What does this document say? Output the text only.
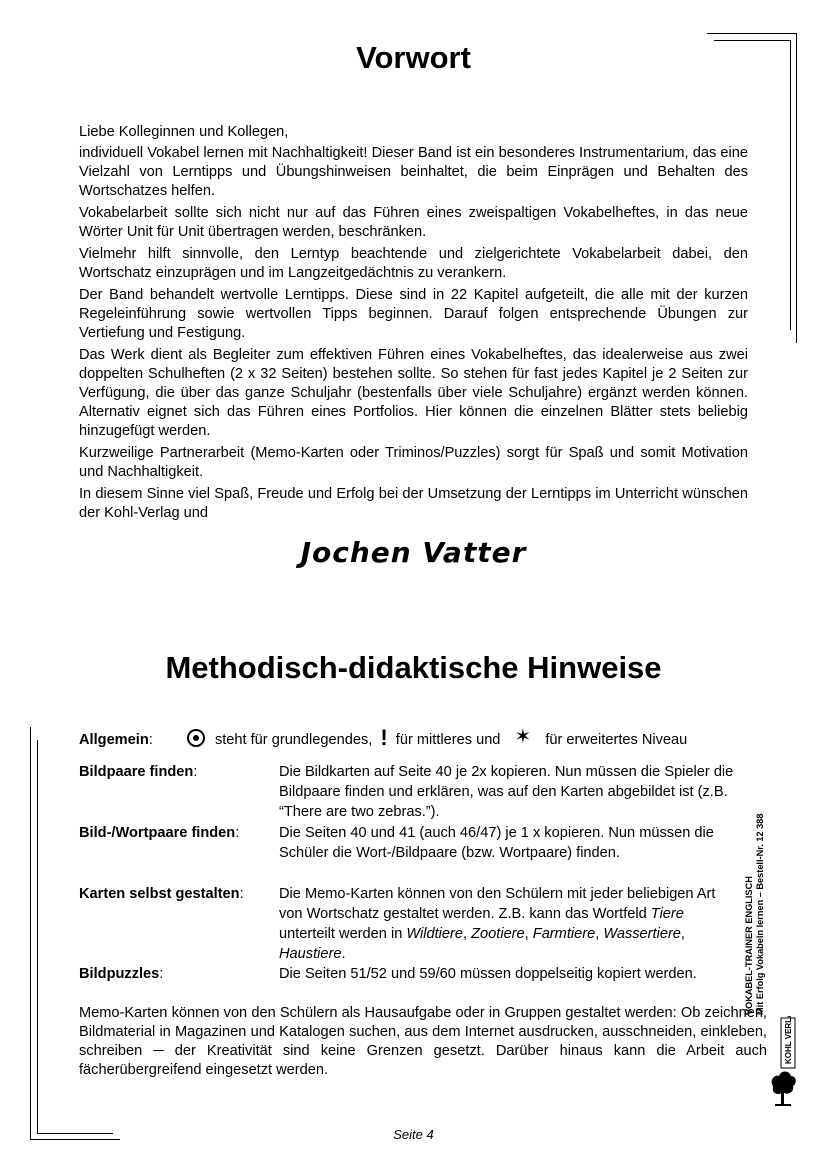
Vorwort

Liebe Kolleginnen und Kollegen,

individuell Vokabel lernen mit Nachhaltigkeit! Dieser Band ist ein besonderes Instrumentarium, das eine Vielzahl von Lerntipps und Übungshinweisen beinhaltet, die beim Einprägen und Behalten des Wortschatzes helfen.

Vokabelarbeit sollte sich nicht nur auf das Führen eines zweispaltigen Vokabelheftes, in das neue Wörter Unit für Unit übertragen werden, beschränken.

Vielmehr hilft sinnvolle, den Lerntyp beachtende und zielgerichtete Vokabelarbeit dabei, den Wortschatz einzuprägen und im Langzeitgedächtnis zu verankern.

Der Band behandelt wertvolle Lerntipps. Diese sind in 22 Kapitel aufgeteilt, die alle mit der kurzen Regeleinführung sowie wertvollen Tipps beginnen. Darauf folgen entsprechende Übungen zur Vertiefung und Festigung.

Das Werk dient als Begleiter zum effektiven Führen eines Vokabelheftes, das idealerweise aus zwei doppelten Schulheften (2 x 32 Seiten) bestehen sollte. So stehen für fast jedes Kapitel je 2 Seiten zur Verfügung, die über das ganze Schuljahr (bestenfalls über viele Schuljahre) ergänzt werden können. Alternativ eignet sich das Führen eines Portfolios. Hier können die einzelnen Blätter stets beliebig hinzugefügt werden.

Kurzweilige Partnerarbeit (Memo-Karten oder Triminos/Puzzles) sorgt für Spaß und somit Motivation und Nachhaltigkeit.

In diesem Sinne viel Spaß, Freude und Erfolg bei der Umsetzung der Lerntipps im Unterricht wünschen der Kohl-Verlag und

Jochen Vatter
Methodisch-didaktische Hinweise
Allgemein:	steht für grundlegendes, ! für mittleres und ✶ für erweitertes Niveau
Bildpaare finden:	Die Bildkarten auf Seite 40 je 2x kopieren. Nun müssen die Spieler die Bildpaare finden und erklären, was auf den Karten abgebildet ist (z.B. “There are two zebras.”).
Bild-/Wortpaare finden:	Die Seiten 40 und 41 (auch 46/47) je 1 x kopieren. Nun müssen die Schüler die Wort-/Bildpaare (bzw. Wortpaare) finden.
Karten selbst gestalten: Die Memo-Karten können von den Schülern mit jeder beliebigen Art von Wortschatz gestaltet werden. Z.B. kann das Wortfeld Tiere unterteilt werden in Wildtiere, Zootiere, Farmtiere, Wassertiere, Haustiere.
Bildpuzzles:	Die Seiten 51/52 und 59/60 müssen doppelseitig kopiert werden.

Memo-Karten können von den Schülern als Hausaufgabe oder in Gruppen gestaltet werden: Ob zeichnen, Bildmaterial in Magazinen und Katalogen suchen, aus dem Internet ausdrucken, ausschneiden, einkleben, schreiben ─ der Kreativität sind keine Grenzen gesetzt. Darüber hinaus kann die Arbeit auch fächerübergreifend eingesetzt werden.

VOKABEL-TRAINER ENGLISCH Mit Erfolg Vokabeln lernen – Bestell-Nr. 12 388
KOHL VERLAG
Seite 4
